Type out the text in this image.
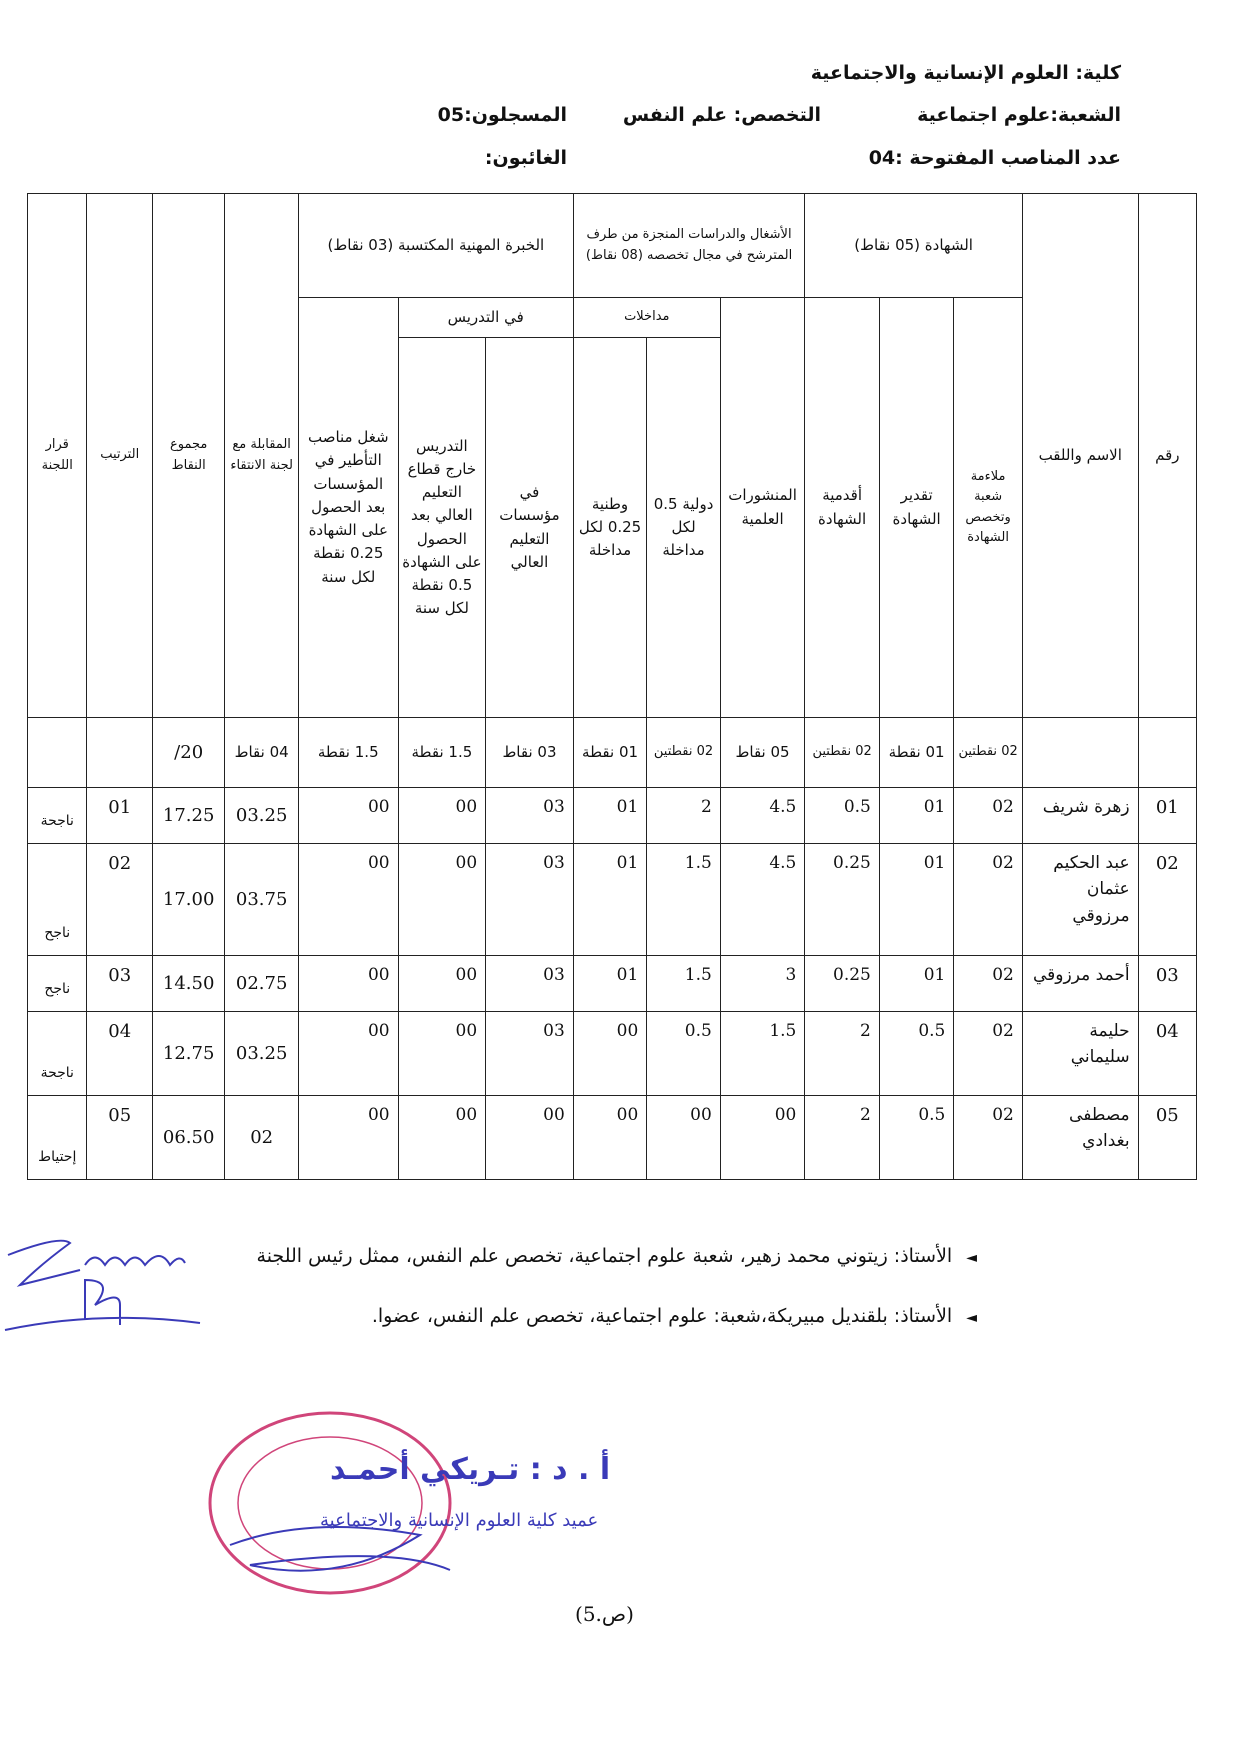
كلية: العلوم الإنسانية والاجتماعية
الشعبة:علوم اجتماعية
التخصص: علم النفس
المسجلون:05
عدد المناصب المفتوحة :04
الغائبون:
رقم	الاسم واللقب	الشهادة (05 نقاط)			الأشغال والدراسات المنجزة من طرف المترشح في مجال تخصصه (08 نقاط)			الخبرة المهنية المكتسبة (03 نقاط)			المقابلة مع لجنة الانتقاء	مجموع النقاط	الترتيب	قرار اللجنة
		ملاءمة شعبة وتخصص الشهادة	تقدير الشهادة	أقدمية الشهادة	المنشورات العلمية	مداخلات		في التدريس		شغل مناصب التأطير في المؤسسات بعد الحصول على الشهادة 0.25 نقطة لكل سنة				
						دولية 0.5 لكل مداخلة	وطنية 0.25 لكل مداخلة	في مؤسسات التعليم العالي	التدريس خارج قطاع التعليم العالي بعد الحصول على الشهادة 0.5 نقطة لكل سنة					
		02 نقطتين	01 نقطة	02 نقطتين	05 نقاط	02 نقطتين	01 نقطة	03 نقاط	1.5 نقطة	1.5 نقطة	04 نقاط	20/		
01	زهرة شريف	02	01	0.5	4.5	2	01	03	00	00	03.25	17.25	01	ناجحة
02	عبد الحكيم عثمان مرزوقي	02	01	0.25	4.5	1.5	01	03	00	00	03.75	17.00	02	ناجح
03	أحمد مرزوقي	02	01	0.25	3	1.5	01	03	00	00	02.75	14.50	03	ناجح
04	حليمة سليماني	02	0.5	2	1.5	0.5	00	03	00	00	03.25	12.75	04	ناجحة
05	مصطفى بغدادي	02	0.5	2	00	00	00	00	00	00	02	06.50	05	إحتياط
◄الأستاذ: زيتوني محمد زهير، شعبة علوم اجتماعية، تخصص علم النفس، ممثل رئيس اللجنة
◄الأستاذ: بلقنديل مبيريكة،شعبة: علوم اجتماعية، تخصص علم النفس، عضوا.
أ . د : تـريكي أحمـد
عميد كلية العلوم الإنسانية والاجتماعية
(ص.5)
